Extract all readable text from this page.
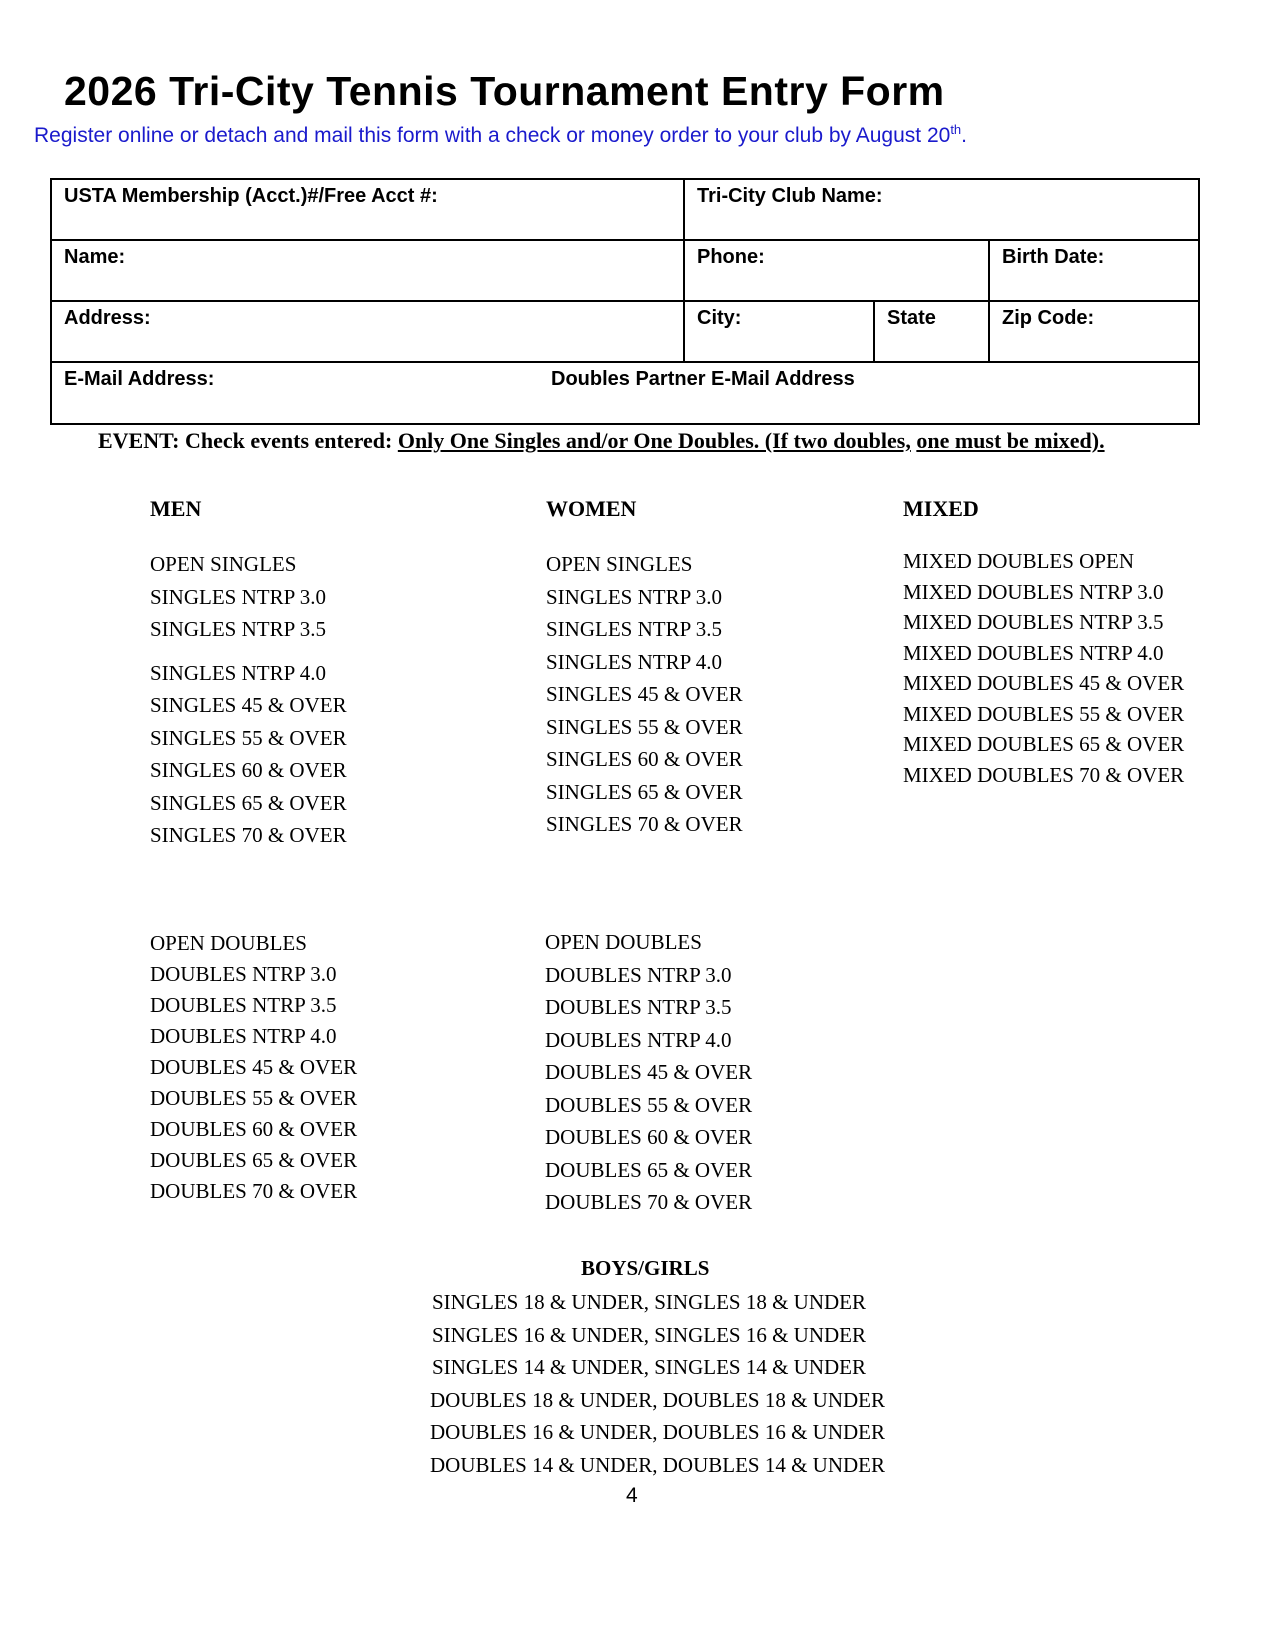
2026 Tri-City Tennis Tournament Entry Form
Register online or detach and mail this form with a check or money order to your club by August 20th.
USTA Membership (Acct.)#/Free Acct #:	Tri-City Club Name:
Name:	Phone:	Birth Date:
Address:	City:	State	Zip Code:
E-Mail Address:	Doubles Partner E-Mail Address
EVENT: Check events entered: Only One Singles and/or One Doubles. (If two doubles, one must be mixed).
MEN
OPEN SINGLES
SINGLES NTRP 3.0
SINGLES NTRP 3.5
SINGLES NTRP 4.0
SINGLES 45 & OVER
SINGLES 55 & OVER
SINGLES 60 & OVER
SINGLES 65 & OVER
SINGLES 70 & OVER
WOMEN
OPEN SINGLES
SINGLES NTRP 3.0
SINGLES NTRP 3.5
SINGLES NTRP 4.0
SINGLES 45 & OVER
SINGLES 55 & OVER
SINGLES 60 & OVER
SINGLES 65 & OVER
SINGLES 70 & OVER
MIXED
MIXED DOUBLES OPEN
MIXED DOUBLES NTRP 3.0
MIXED DOUBLES NTRP 3.5
MIXED DOUBLES NTRP 4.0
MIXED DOUBLES 45 & OVER
MIXED DOUBLES 55 & OVER
MIXED DOUBLES 65 & OVER
MIXED DOUBLES 70 & OVER
OPEN DOUBLES
DOUBLES NTRP 3.0
DOUBLES NTRP 3.5
DOUBLES NTRP 4.0
DOUBLES 45 & OVER
DOUBLES 55 & OVER
DOUBLES 60 & OVER
DOUBLES 65 & OVER
DOUBLES 70 & OVER
OPEN DOUBLES
DOUBLES NTRP 3.0
DOUBLES NTRP 3.5
DOUBLES NTRP 4.0
DOUBLES 45 & OVER
DOUBLES 55 & OVER
DOUBLES 60 & OVER
DOUBLES 65 & OVER
DOUBLES 70 & OVER
BOYS/GIRLS
SINGLES 18 & UNDER, SINGLES 18 & UNDER
SINGLES 16 & UNDER, SINGLES 16 & UNDER
SINGLES 14 & UNDER, SINGLES 14 & UNDER
DOUBLES 18 & UNDER, DOUBLES 18 & UNDER
DOUBLES 16 & UNDER, DOUBLES 16 & UNDER
DOUBLES 14 & UNDER, DOUBLES 14 & UNDER
4
